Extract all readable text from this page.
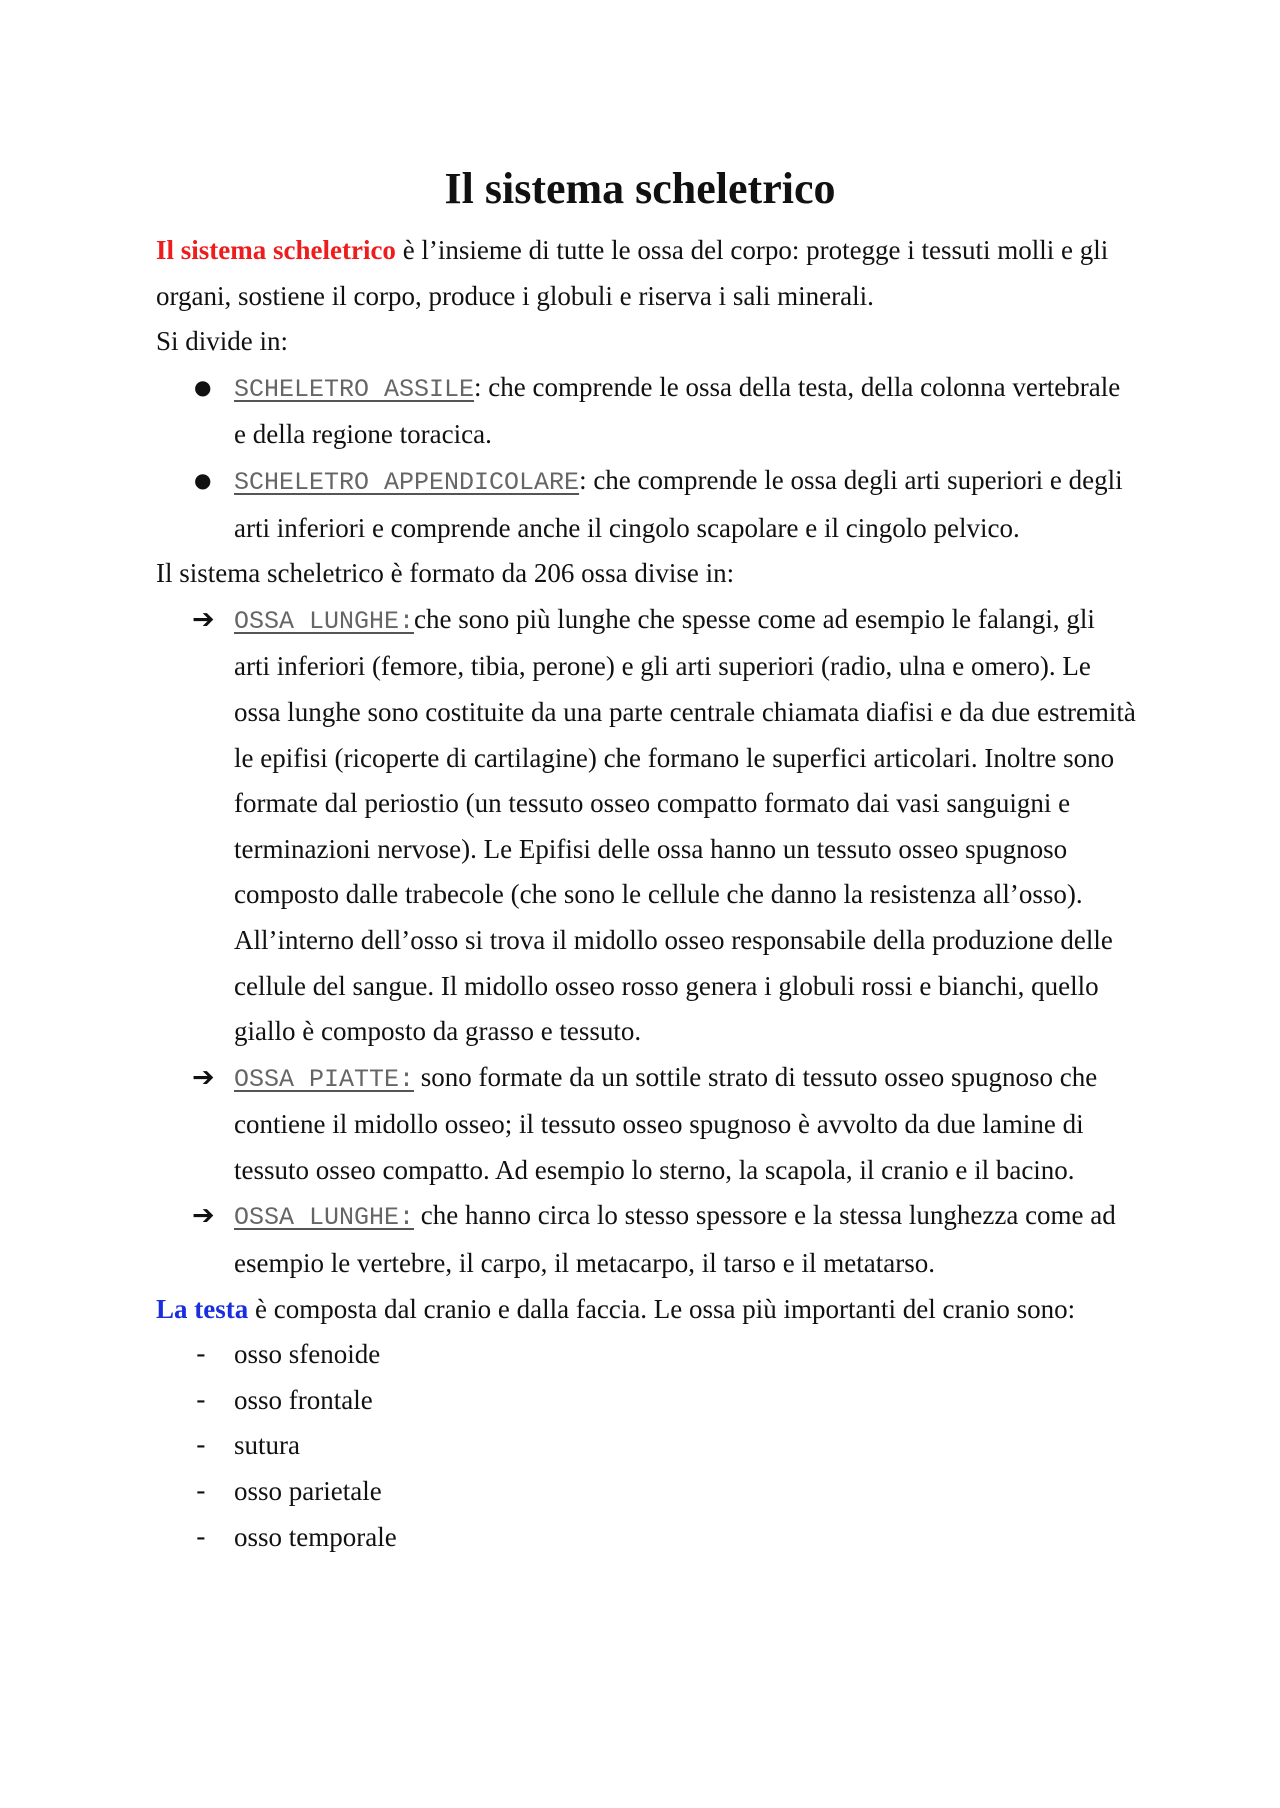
Il sistema scheletrico

Il sistema scheletrico è l’insieme di tutte le ossa del corpo: protegge i tessuti molli e gli organi, sostiene il corpo, produce i globuli e riserva i sali minerali.

Si divide in:

● SCHELETRO ASSILE: che comprende le ossa della testa, della colonna vertebrale e della regione toracica.
● SCHELETRO APPENDICOLARE: che comprende le ossa degli arti superiori e degli arti inferiori e comprende anche il cingolo scapolare e il cingolo pelvico.

Il sistema scheletrico è formato da 206 ossa divise in:

➔ OSSA LUNGHE:che sono più lunghe che spesse come ad esempio le falangi, gli arti inferiori (femore, tibia, perone) e gli arti superiori (radio, ulna e omero). Le ossa lunghe sono costituite da una parte centrale chiamata diafisi e da due estremità le epifisi (ricoperte di cartilagine) che formano le superfici articolari. Inoltre sono formate dal periostio (un tessuto osseo compatto formato dai vasi sanguigni e terminazioni nervose). Le Epifisi delle ossa hanno un tessuto osseo spugnoso composto dalle trabecole (che sono le cellule che danno la resistenza all’osso). All’interno dell’osso si trova il midollo osseo responsabile della produzione delle cellule del sangue. Il midollo osseo rosso genera i globuli rossi e bianchi, quello giallo è composto da grasso e tessuto.
➔ OSSA PIATTE: sono formate da un sottile strato di tessuto osseo spugnoso che contiene il midollo osseo; il tessuto osseo spugnoso è avvolto da due lamine di tessuto osseo compatto. Ad esempio lo sterno, la scapola, il cranio e il bacino.
➔ OSSA LUNGHE: che hanno circa lo stesso spessore e la stessa lunghezza come ad esempio le vertebre, il carpo, il metacarpo, il tarso e il metatarso.

La testa è composta dal cranio e dalla faccia. Le ossa più importanti del cranio sono:

-	osso sfenoide
-	osso frontale
-	sutura
-	osso parietale
-	osso temporale
